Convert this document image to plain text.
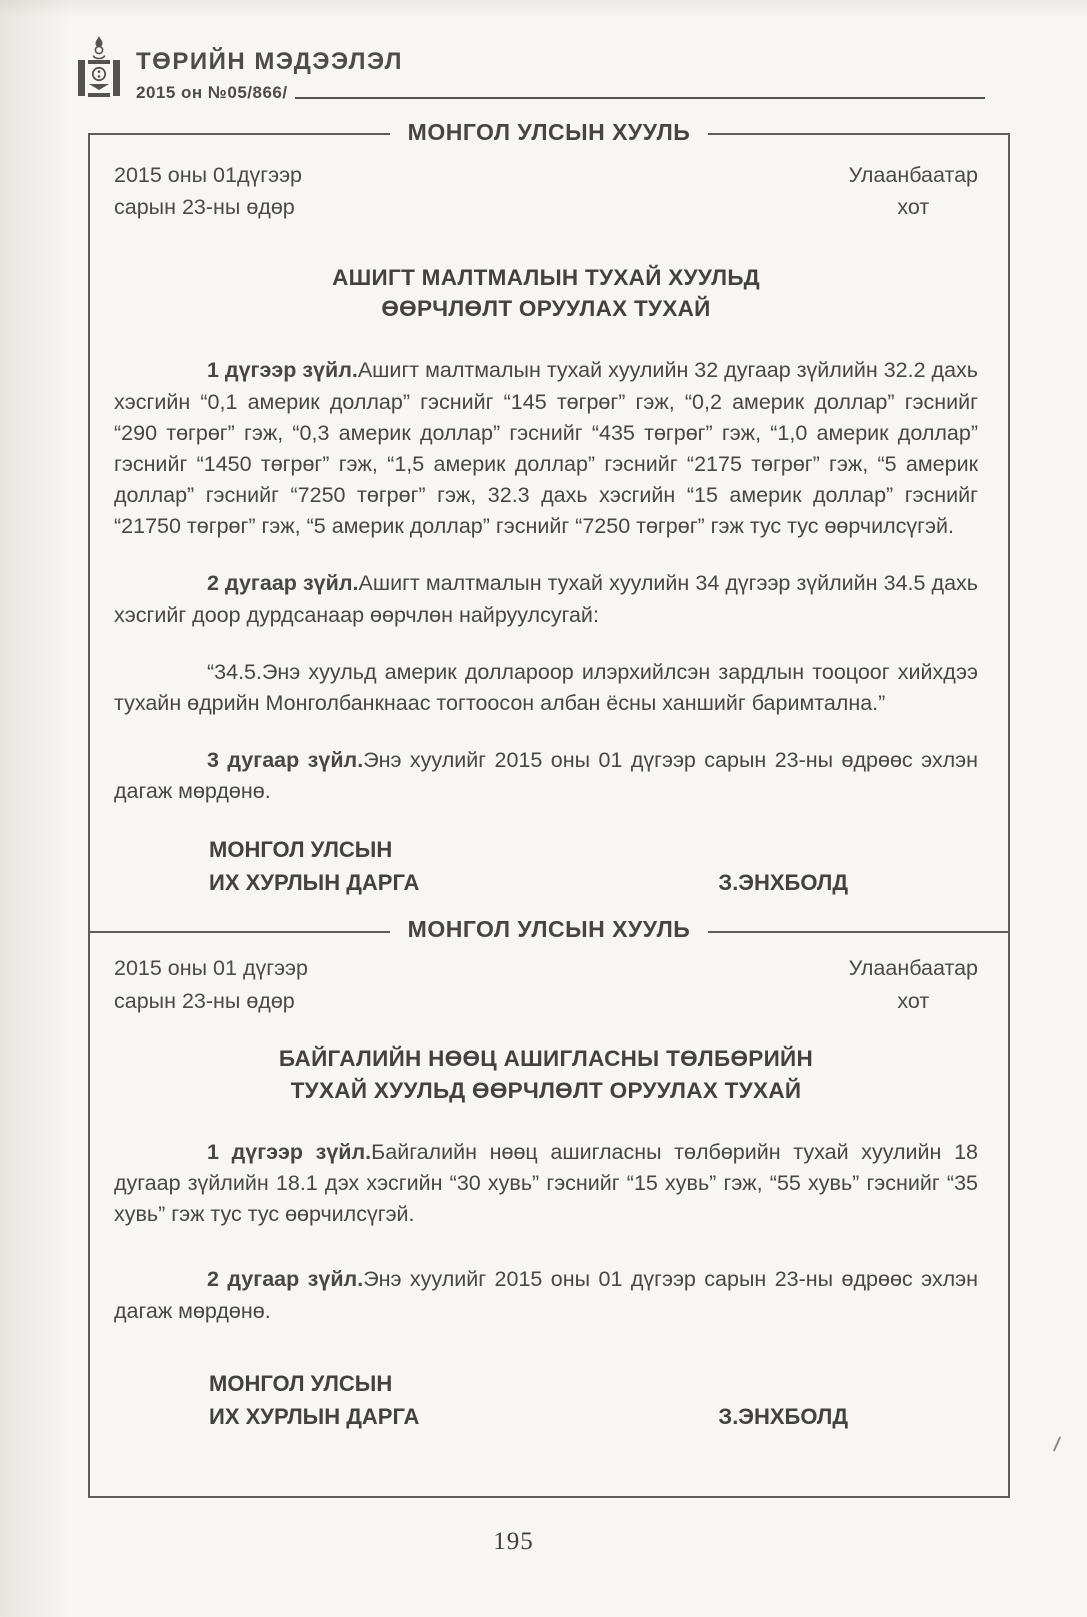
ТӨРИЙН МЭДЭЭЛЭЛ
2015 он №05/866/
МОНГОЛ УЛСЫН ХУУЛЬ
2015 оны 01дүгээр
сарын 23-ны өдөр
Улаанбаатар
хот
АШИГТ МАЛТМАЛЫН ТУХАЙ ХУУЛЬД
ӨӨРЧЛӨЛТ ОРУУЛАХ ТУХАЙ

1 дүгээр зүйл.Ашигт малтмалын тухай хуулийн 32 дугаар зүйлийн 32.2 дахь хэсгийн “0,1 америк доллар” гэснийг “145 төгрөг” гэж, “0,2 америк доллар” гэснийг “290 төгрөг” гэж, “0,3 америк доллар” гэснийг “435 төгрөг” гэж, “1,0 америк доллар” гэснийг “1450 төгрөг” гэж, “1,5 америк доллар” гэснийг “2175 төгрөг” гэж, “5 америк доллар” гэснийг “7250 төгрөг” гэж, 32.3 дахь хэсгийн “15 америк доллар” гэснийг “21750 төгрөг” гэж, “5 америк доллар” гэснийг “7250 төгрөг” гэж тус тус өөрчилсүгэй.

2 дугаар зүйл.Ашигт малтмалын тухай хуулийн 34 дүгээр зүйлийн 34.5 дахь хэсгийг доор дурдсанаар өөрчлөн найруулсугай:

“34.5.Энэ хуульд америк доллароор илэрхийлсэн зардлын тооцоог хийхдээ тухайн өдрийн Монголбанкнаас тогтоосон албан ёсны ханшийг баримтална.”

3 дугаар зүйл.Энэ хуулийг 2015 оны 01 дүгээр сарын 23-ны өдрөөс эхлэн дагаж мөрдөнө.

МОНГОЛ УЛСЫН
ИХ ХУРЛЫН ДАРГА	З.ЭНХБОЛД
МОНГОЛ УЛСЫН ХУУЛЬ
2015 оны 01 дүгээр
сарын 23-ны өдөр
Улаанбаатар
хот
БАЙГАЛИЙН НӨӨЦ АШИГЛАСНЫ ТӨЛБӨРИЙН
ТУХАЙ ХУУЛЬД ӨӨРЧЛӨЛТ ОРУУЛАХ ТУХАЙ

1 дүгээр зүйл.Байгалийн нөөц ашигласны төлбөрийн тухай хуулийн 18 дугаар зүйлийн 18.1 дэх хэсгийн “30 хувь” гэснийг “15 хувь” гэж, “55 хувь” гэснийг “35 хувь” гэж тус тус өөрчилсүгэй.

2 дугаар зүйл.Энэ хуулийг 2015 оны 01 дүгээр сарын 23-ны өдрөөс эхлэн дагаж мөрдөнө.

МОНГОЛ УЛСЫН
ИХ ХУРЛЫН ДАРГА	З.ЭНХБОЛД
195
